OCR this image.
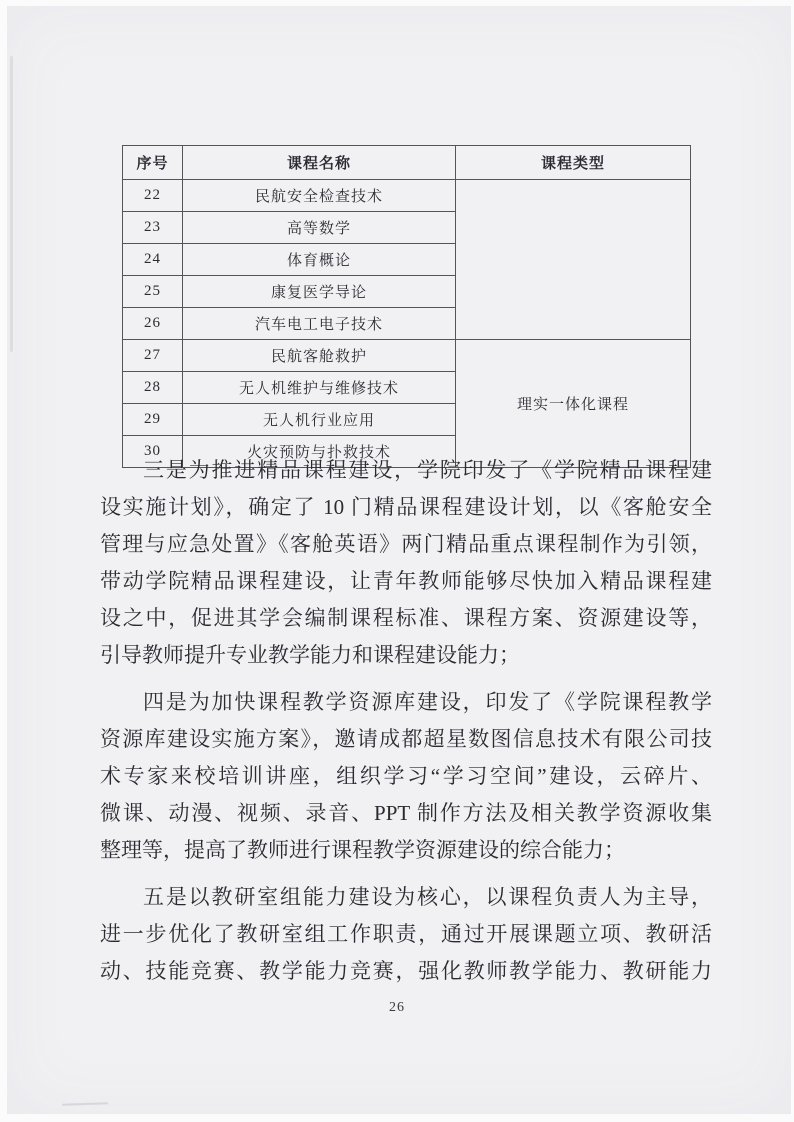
序号	课程名称	课程类型
22	民航安全检查技术	
23	高等数学	
24	体育概论	
25	康复医学导论	
26	汽车电工电子技术	
27	民航客舱救护	理实一体化课程
28	无人机维护与维修技术	
29	无人机行业应用	
30	火灾预防与扑救技术	
三是为推进精品课程建设，学院印发了《学院精品课程建
设实施计划》，确定了 10 门精品课程建设计划，以《客舱安全
管理与应急处置》《客舱英语》两门精品重点课程制作为引领，
带动学院精品课程建设，让青年教师能够尽快加入精品课程建
设之中，促进其学会编制课程标准、课程方案、资源建设等，
引导教师提升专业教学能力和课程建设能力；
四是为加快课程教学资源库建设，印发了《学院课程教学
资源库建设实施方案》，邀请成都超星数图信息技术有限公司技
术专家来校培训讲座，组织学习“学习空间”建设，云碎片、
微课、动漫、视频、录音、PPT 制作方法及相关教学资源收集
整理等，提高了教师进行课程教学资源建设的综合能力；
五是以教研室组能力建设为核心，以课程负责人为主导，
进一步优化了教研室组工作职责，通过开展课题立项、教研活
动、技能竞赛、教学能力竞赛，强化教师教学能力、教研能力
26
